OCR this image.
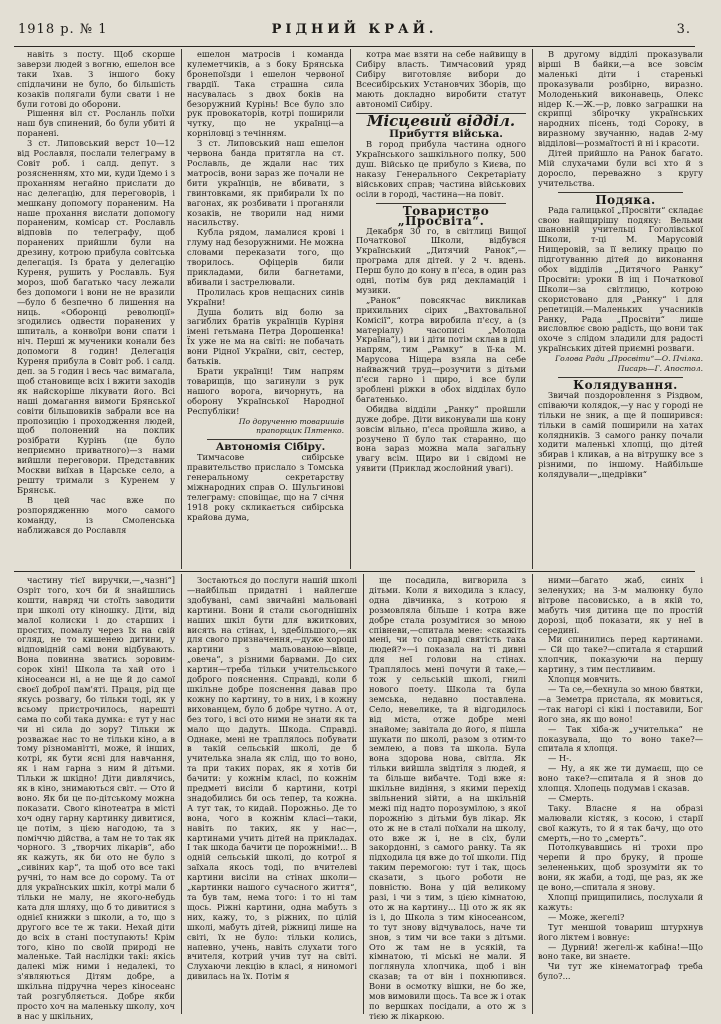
1918 р. № 1	РІДНИЙ КРАЙ.	3.

навіть з посту. Щоб скорше заверзи людей з вогню, ешелон все таки їхав. З іншого боку спідлачини не було, бо більшість козаків полягали були свати і не були готові до оборони.

Рішення віл ст. Росланль поїхи наш був спинений, бо були убиті й поранені.

3 ст. Липовський верст 10—12 від Рославля, послали телеграму в Совіт роб. і салд. депут. з розясненням, хто ми, куди їдемо і з проханням негайно прислати до нас делегацію, для переговорів, і мешкану допомогу пораненим. На наше прохання вислати допомогу пораненим, комісар ст. Рославль відповів по телеграфу, щоб поранених прийшли були на дрезину, котрою прибула совітська делегація. Із брата у делегацію Куреня, рушить у Рославль. Буя мороз, шоб багатько часу лежали без допомоги і вони не не вразили—було б безпечно б лишення на ниць. «Оборонці революції» згодились одвести поранених у шпиталь, а конвоїри вони спати і ніч. Перші ж мученики конали без допомоги 8 годин! Делегація Куреня прибула в Совіт роб. і салд. деп. за 5 годин і весь час вимагала, щоб становище всіх і вжити заходів як найскоріше лікувати його. Всі наші домагання вимоги Брянської совіти більшовиків забрали все на пропозицію і проходження людей, щоб полонений на поклик розібрати Курінь (це було неприємно приватного)—з нами вийшли переговори. Представник Москви виїхав в Царське село, а решту тримали з Куренем у Брянськ.

В цей час вже по розпорядженню мого самого команду, із Смоленська наближався до Рославля

ешелон матросів і команда кулеметчиків, а з боку Брянська бронепоїзди і ешелон червоної гвардії. Така страшна сила насувалась з двох боків на безоружний Курінь! Все було зло рук провокаторів, котрі поширили чутку, що не українці—а корніловці з течінням.

З ст. Липовський наш ешелон червона банда притягла на ст. Рославль, де ждали нас тих матросів, вони зараз же почали не бити українців, не вбивати, з гвинтовками, як прибирали їх по вагонах, як розбивати і проганяли козаків, не творили над ними насильству.

Кубла рядом, ламалися крові і глуму над безоружними. Не можна словами переказати того, що творилось. Офіцерів били прикладами, били багнетами, вбивали і застрелювали.

Пролилась кров нещасних синів України!

Душа болить від болю за загиблих братів українців Куріня імені гетьмана Петра Дорошенка! Їх уже не ма на світі: не побачать вони Рідної України, світ, сестер, батьків.

Брати українці! Тим напрям товарищів, що загинули з рук нашого ворога, вичорнуть, на оборону Української Народної Республіки!

По дорученню товаришів прапорщик Пятенко.

Автономія Сібіру.

Тимчасове сибірське правительство прислало з Томська генеральному секретарству міжнародних справ О. Шульгинові телеграму: сповіщає, що на 7 січня 1918 року скликається сибірська крайова дума,

котра має взяти на себе найвищу в Сибіру власть. Тимчасовий уряд Сибіру виготовляє вибори до Всесибірських Установчих Зборів, що мають докладно виробити статут автономії Сибіру.

Місцевий відділ.

Прибуття війська.

В город прибула частина одного Українського зашкільного полку, 500 душ. Військо це прибуло з Києва, по наказу Генерального Секретаріату військових справ; частина військових осіли в городі, частина—на повіт.

Товариство „Просвіта“.

Декабря 30 го, в світлиці Вищої Початкової Школи, відбувся Український „Дитячий Ранок“,—програма для дітей. у 2 ч. вдень. Перш було до кону в п'єса, в один раз одні, потім був ряд декламацій і музики.

„Ранок“ повсякчас викликав прихильних сірих „Вахтовальної Комісії“, котра виробила п'єсу, а (з матеріалу) часописі „Молода Україна“), і ви і діти потім склав в ділі напрям, тим „Рамку“ в її-ка М. Марусова Ніщера взяла на себе найважчий труд—розучити з дітьми п'єси гарно і щиро, і все були зроблені ріжки в обох відділах було багатенько.

Обидва відділи „Ранку“ пройшли дуже добре. Діти виконували ша кону зовсім вільно, п'єса пройшла живо, а розучено її було так старанно, що вона зараз можна мала загальну увагу всім. Щиро ви і свідомі не уявити (Приклад жослойний увагі).

В другому відділі проказували вірші В байки,—а все зовсім маленькі діти і старенькі проказували розбірно, виразно. Молоденький виконавець, Олекс нідер К.—Ж.—р, ловко заграшки на скрипці збірочку українських народних пісень, тоді Сороку, в виразному звучанню, надав 2-му відділові—розмаїтості й ні і красоти.

Дітей прийшло на Ранок багато. Мій слухачами були всі хто й з доросло, переважно з кругу учительства.

Подяка.

Рада галицької „Просвіти“ складає свою найщирішу подяку: Вельми шановній учительці Гоголівської Школи, т-ці М. Марусовій Нищеровій, за її велику працю по підготуванню дітей до виконання обох відділів „Дитячого Ранку“ Просвіти: уроки В іщ і Початкової Школи—за світлицю, котрою скористовано для „Ранку“ і для репетицій.—Маленьких учасників Ранку, Рада „Просвіти“ лише висловлює свою радість, що вони так охоче з слідом зладили для радості українських дітей приємні розваги.

Голова Ради „Просвіти“—О. Пчілка.

Писарь—Г. Апостол.

Колядування.

Звичай поздоровлення з Різдвом, співаючи колядок,—у нас у городі не тільки не зник, а ще й поширився: тільки в самій поширили на хатах колядників. З самого ранку почали ходити маленькі хлопці, що дітей збирав і кликав, а на вітрушку все з різними, по іншому. Найбільше колядували—„щедрівки“

частину тієї виручки,—„чазні“] Озріт того, хоч би й знайшлись кошти, навряд чи стоїть заводити при школі оту кіношку. Діти, від малої колиски і до старших і простих, помалу через їх на свій огляд, не то кишенею дитини, у відповідній самі вони відбувають. Вона повинна зватись зоровим-сорок хіні! Школа та хай ото і кіносеанси ні, а не ще й до самої своєї доброї пам'яті. Праця, рід ще якусь розвагу, бо тільки тоді, як у всьому пристрочилось, нарешті сама по собі така думка: є тут у нас чи ні сила до зору? Тільки ж розважає нас то не тільки кіно, а в тому різноманітті, може, й інших, котрі, як бути ясні для навчання, як і нам гарна з ним й дітьми. Тільки ж шкідно! Діти дивлячись, як в кіно, знимаються світ. — Ото й воно. Як би це по-дітському можна показати. Свого кінотеатра в місті хоч одну гарну картинку дивитися, це потім, з цією нагодою, та з поміччю дійства, а там не то так як чорного. З „творчих лікарів“, або як кажуть, як би ото не було з „сивіних кар“, та щоб ото все такі ручні, то нам все до сорому. Та от для українських шкіл, котрі мали б тільки не малу, не якого-небудь ката для шляху, що б то дивитися з однієї книжки з школи, а то, що з другого все те ж таки. Нехай діти до всіх в стані поступають! Крім того, кіно по своїй природі не маленьке. Тай наслідки такі: якісь далекі між ними і недалекі, то з'являються Дітям добре, а шкільна підручна через кіносеанс тай розгубляється. Добре якби просто хоч на маленьку школу, хоч в нас у шкільних,

Зостаються до послуги нашій школі—найбільш придатні і найлегше здобувані, самі звичайні мальовані картини. Вони й стали сьогоднішніх наших шкіл бути для вжиткових, висять на стінах, і, здебільшого,—як для свого призначення,—дуже хороші картини з мальованою—вівце, „овеча“, з різними барвами. До сих картин—треба тільки учительського доброго пояснення. Справді, коли б шкільне добре пояснення давав про кожну по картину, то в них, і в кожну вихованцем, було б добре чутно. А от, без того, і всі ото ними не знати як та мало що дадуть. Шкода. Справді. Однаке, мені не траплялось побувати в такій сельській школі, де б учителька знала як слід, що то воно, та при таких порах, як я хотів би бачити: у кожнім класі, по кожнім предметі висіли б картини, котрі знадобились би ось тепер, та кожна. А тут так, то кидай. Порожньо. Де то вона, чого в кожнім класі—таки, навіть по таких, як у нас—, картинами учить дітей на прикладах. І так шкода бачити це порожніми!... В одній сельській школі, до котрої я заїхала якось тоді, по вчителеві картини висіли на стінах школи—„картинки нашого сучасного життя“, та був там, нема того: і то ні там щось. Ріжні картини, одна мабуть з них, кажу, то, з ріжних, по цілій школі, мабуть дітей, ріжниці лише на світі, їх не було: тільки колись, напевно, учень, навіть слухати того вчителя, котрий учив тут на світі. Слухаючи лекцію в класі, я ниномогі дивилась на їх. Потім я

ще посадила, вигворила з дітьми. Коли я виходила з класу, одна дівчинка, з котрою я розмовляла більше і котра вже добре стала розумітися зо мною співневи,—спитала мене: «скажіть мені, чи то справді святість така людей?»—і показала на ті дивні для неї голови на стінах. Траплялось мені почути й таке,—тож у сельській школі, гнилі нового поету. Школа та була земська, недавно поставлена. Село, невелике, та й відгодилось від міста, отже добре мені знайоме; завітала до його, я пішла шукати по школі, разом з отим-то землею, а повз та школа. Була вона здорова нова, світла. Як тільки вийшла звідтіля з людей, я та більше вибачте. Тоді вже я: шкільне видіння, з якими перехід звільнений зійти, а на шкільній межі під надто порозумілою, з якої порожнію з дітьми був лікар. Як ото ж не в сталі поїхали на школу, ото вже ж і, не в сіх, були закордонні, з самого ранку. Та як підходила ця вже до тої школи. Під таким перемогою: тут і так, щось сказати, з цього роботи не повністю. Вона у цій великому разі, і чи з тим, з цією кімнатою, ото ж на картину... Ці ото ж як як із і, до Школа з тим кіносеансом, то тут знову відчувалось, наче ти знов, з тим чи все таки з дітьми. Ото ж там не в усякій, та кімнатою, ті міські не мали. Я поглянула хлопчика, щоб і він сказав; та от він і похнюпився. Вони в осмотку вішки, не бо же, мов вимовили щось. Та все ж і отак по вершках посідали, а ото ж з тією ж лікаркою.

ними—багато жаб, синіх і зеленухих; на З-м малюнку було вітрове пасовисько, а в якій то, мабуть чия дитина ще по простій дорозі, щоб показати, як у неї в середині.

Ми спинились перед картинами. — Сй що таке?—спитала я старший хлопчик, показуючи на першу картину, з тим пестливим.

Хлопця мовчить.

— Та се,—бехнула зо мною бвятки,—а Земетра пристала, як мовиться,—так нагорі сі кікі і поставили, Бог його зна, як що воно!

— Так хіба-ж „учителька“ не показувала, що то воно таке?—спитала я хлопця.

— Н-.

— Ну, а як же ти думаєш, що се воно таке?—спитала я й знов до хлопця. Хлопець подумав і сказав.

— Смерть.

Таку. Власне я на образі малювали кістяк, з косою, і старії свої кажуть, то й я так бачу, що ото смерть,—но то „смерть“.

Потолкувавшись ні трохи про черепи й про бруку, й проше зелененьких, щоб зрозуміти як то вони, як жаби, а тоді, ще раз, як же це воно,—спитала я знову.

Хлопці прищипились, послухали й кажуть:

— Може, жегелі?

Тут меншой товариш штурхнув його ліктем і вовнує:

— Дурний! жегелі-ж кабіна!—Що воно таке, ви знаєте.

Чи тут же кінематограф треба було?...
